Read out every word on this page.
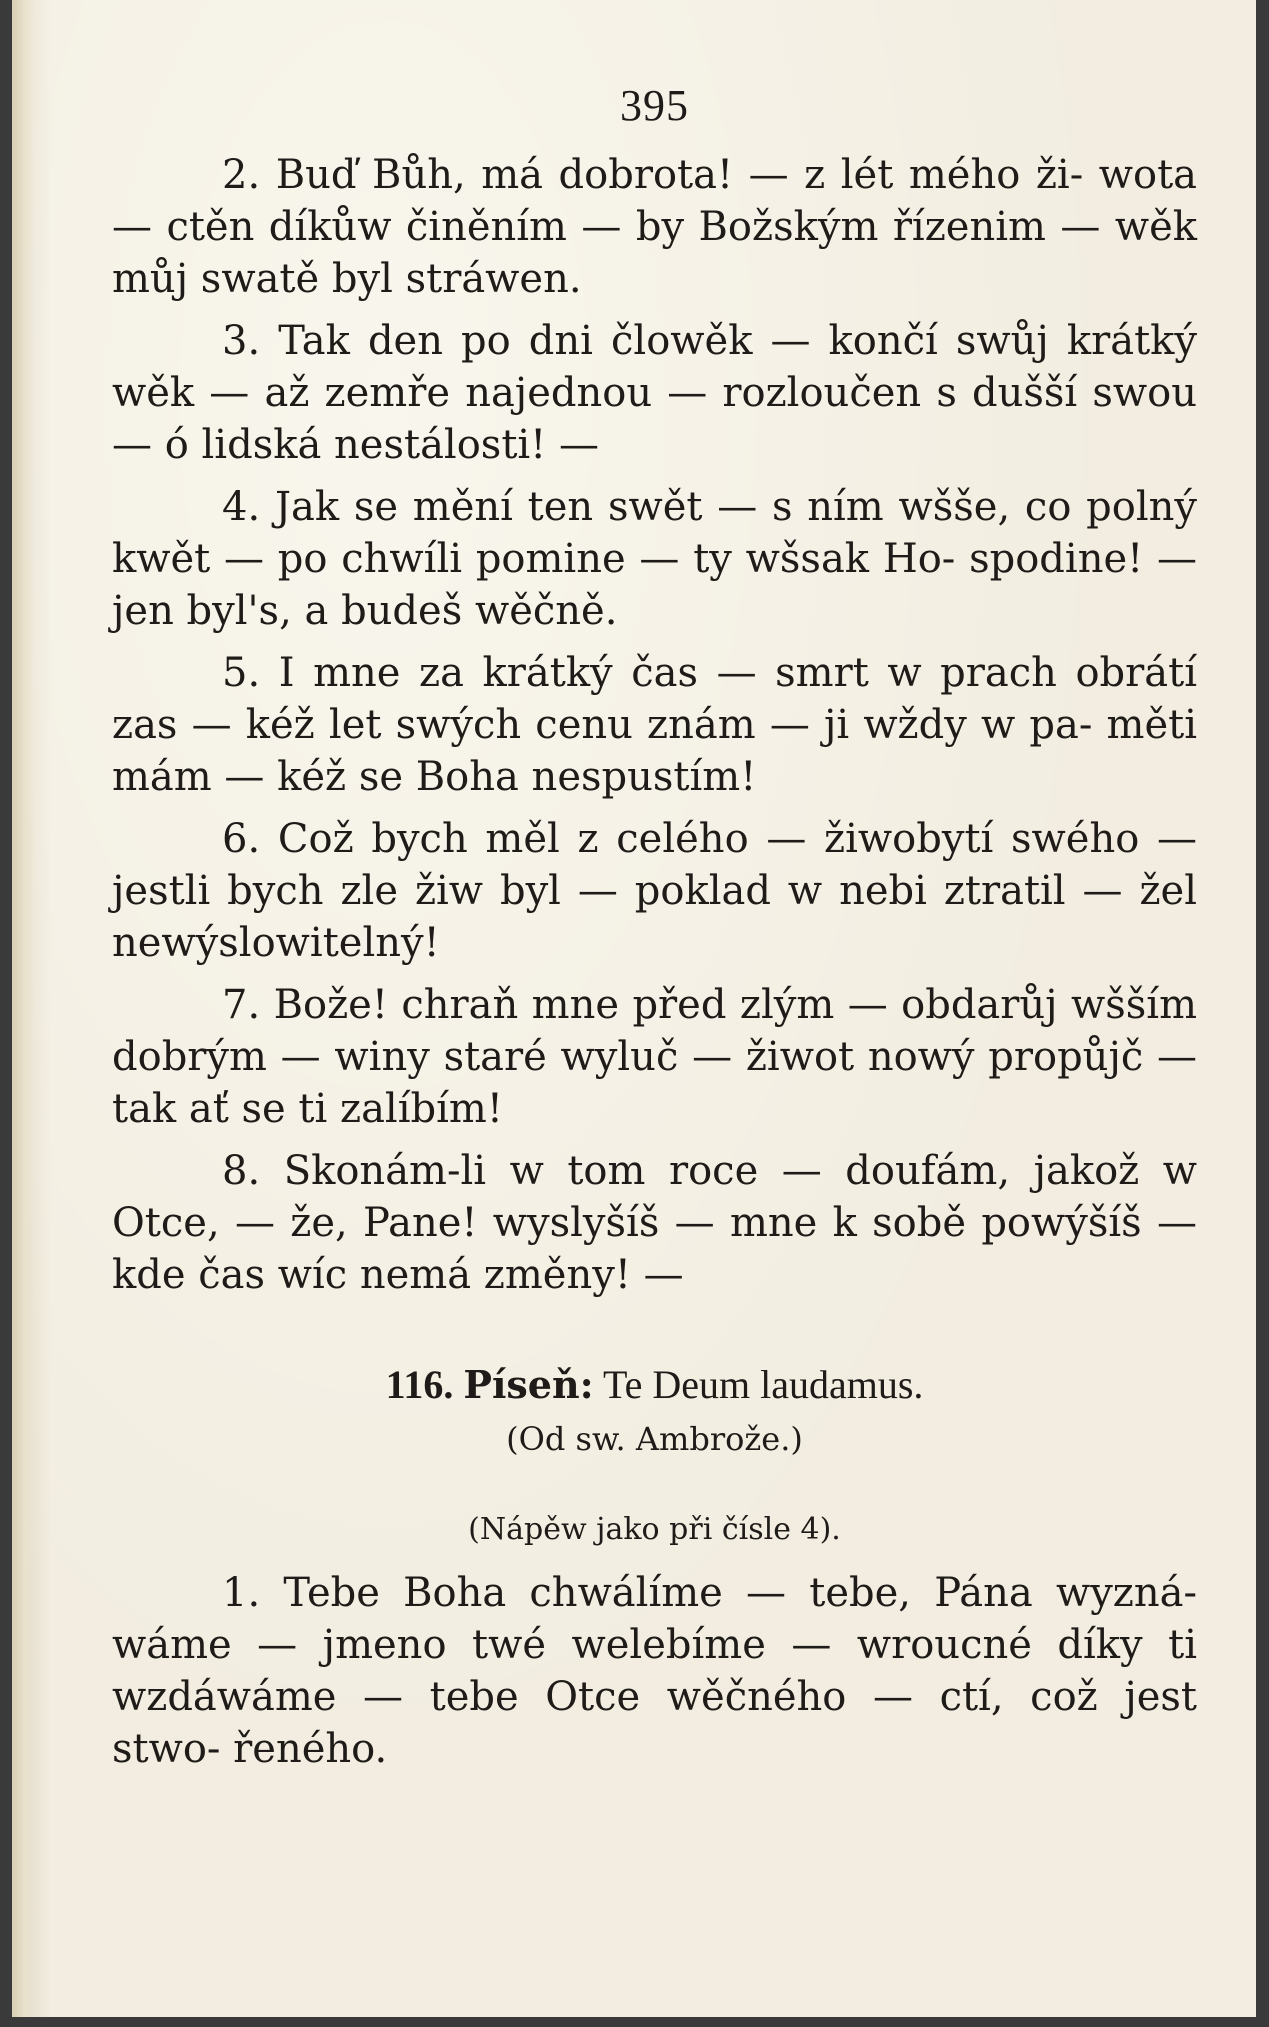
395
2. Buď Bůh, má dobrota! — z lét mého ži- wota — ctěn díkůw činěním — by Božským řízenim — wěk můj swatě byl stráwen.
3. Tak den po dni člowěk — končí swůj krátký wěk — až zemře najednou — rozloučen s dušší swou — ó lidská nestálosti! —
4. Jak se mění ten swět — s ním wšše, co polný kwět — po chwíli pomine — ty wšsak Ho- spodine! — jen byl's, a budeš wěčně.
5. I mne za krátký čas — smrt w prach obrátí zas — kéž let swých cenu znám — ji wždy w pa- měti mám — kéž se Boha nespustím!
6. Což bych měl z celého — žiwobytí swého — jestli bych zle žiw byl — poklad w nebi ztratil — žel newýslowitelný!
7. Bože! chraň mne před zlým — obdarůj wšším dobrým — winy staré wyluč — žiwot nowý propůjč — tak ať se ti zalíbím!
8. Skonám-li w tom roce — doufám, jakož w Otce, — že, Pane! wyslyšíš — mne k sobě powýšíš — kde čas wíc nemá změny! —
116. Píseň: Te Deum laudamus.
(Od sw. Ambrože.)
(Nápěw jako při čísle 4).
1. Tebe Boha chwálíme — tebe, Pána wyzná- wáme — jmeno twé welebíme — wroucné díky ti wzdáwáme — tebe Otce wěčného — ctí, což jest stwo- řeného.
